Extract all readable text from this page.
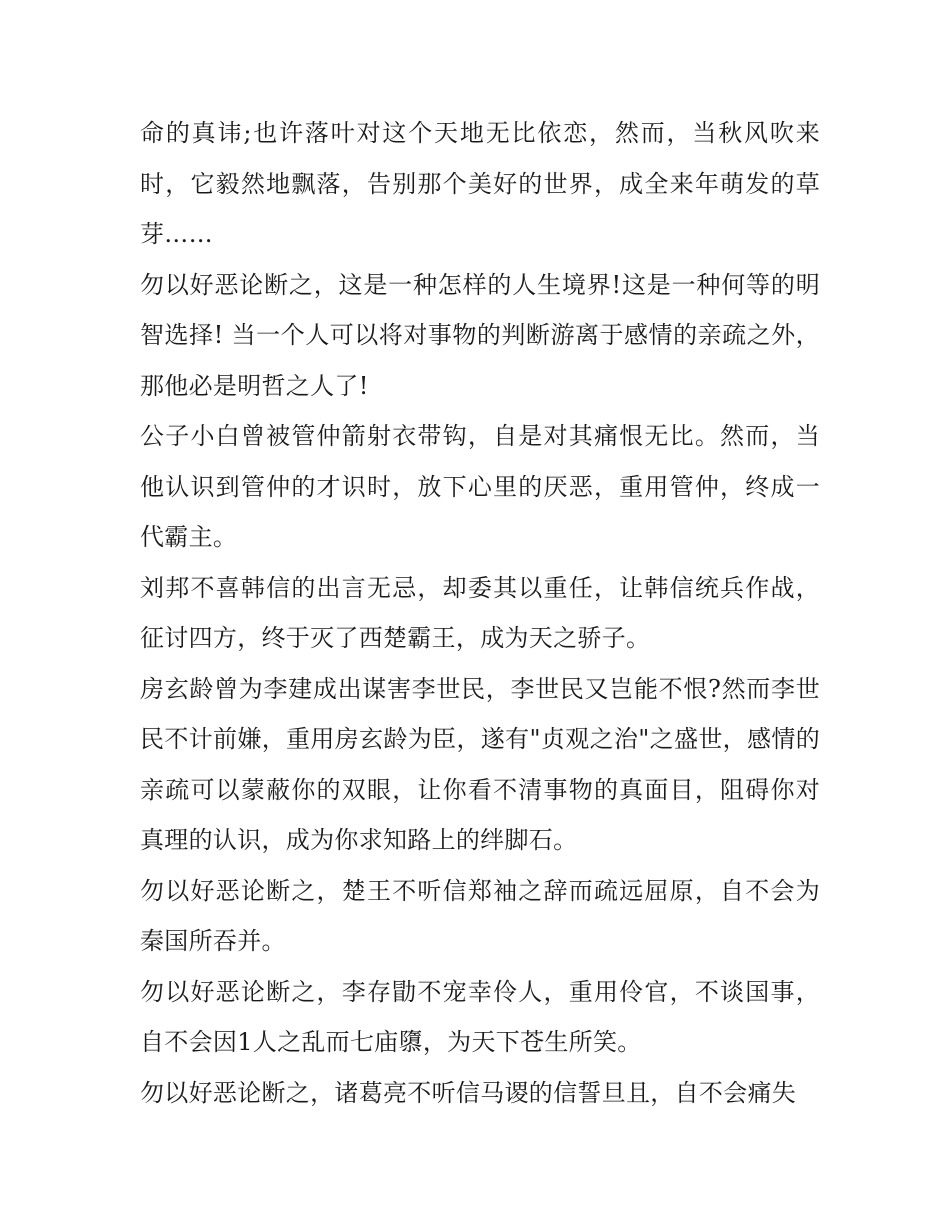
命的真讳;也许落叶对这个天地无比依恋，然而，当秋风吹来时，它毅然地飘落，告别那个美好的世界，成全来年萌发的草芽……

勿以好恶论断之，这是一种怎样的人生境界!这是一种何等的明智选择! 当一个人可以将对事物的判断游离于感情的亲疏之外，那他必是明哲之人了!

公子小白曾被管仲箭射衣带钩，自是对其痛恨无比。然而，当他认识到管仲的才识时，放下心里的厌恶，重用管仲，终成一代霸主。

刘邦不喜韩信的出言无忌，却委其以重任，让韩信统兵作战，征讨四方，终于灭了西楚霸王，成为天之骄子。

房玄龄曾为李建成出谋害李世民，李世民又岂能不恨?然而李世民不计前嫌，重用房玄龄为臣，遂有"贞观之治"之盛世，感情的亲疏可以蒙蔽你的双眼，让你看不清事物的真面目，阻碍你对真理的认识，成为你求知路上的绊脚石。

勿以好恶论断之，楚王不听信郑袖之辞而疏远屈原，自不会为秦国所吞并。

勿以好恶论断之，李存勖不宠幸伶人，重用伶官，不谈国事，自不会因1人之乱而七庙隳，为天下苍生所笑。

勿以好恶论断之，诸葛亮不听信马谡的信誓旦且，自不会痛失
